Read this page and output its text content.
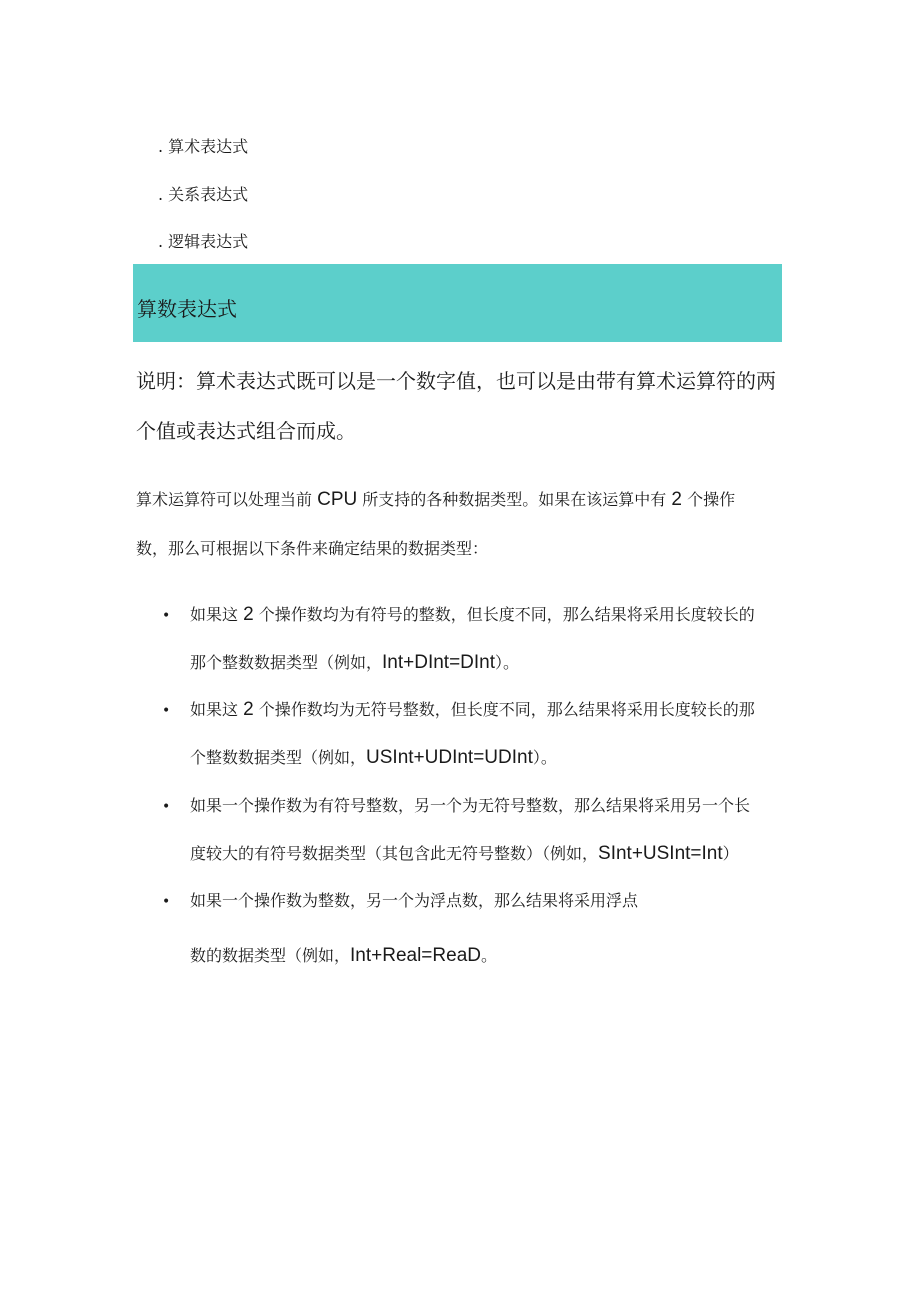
. 算术表达式
. 关系表达式
. 逻辑表达式
算数表达式
说明：算术表达式既可以是一个数字值，也可以是由带有算术运算符的两
个值或表达式组合而成。
算术运算符可以处理当前 CPU 所支持的各种数据类型。如果在该运算中有 2 个操作
数，那么可根据以下条件来确定结果的数据类型：
• 如果这 2 个操作数均为有符号的整数，但长度不同，那么结果将采用长度较长的
那个整数数据类型（例如，Int+DInt=DInt）。
• 如果这 2 个操作数均为无符号整数，但长度不同，那么结果将采用长度较长的那
个整数数据类型（例如，USInt+UDInt=UDInt）。
• 如果一个操作数为有符号整数，另一个为无符号整数，那么结果将采用另一个长
度较大的有符号数据类型（其包含此无符号整数）（例如，SInt+USInt=Int）
• 如果一个操作数为整数，另一个为浮点数，那么结果将采用浮点
数的数据类型（例如，Int+Real=ReaD。
